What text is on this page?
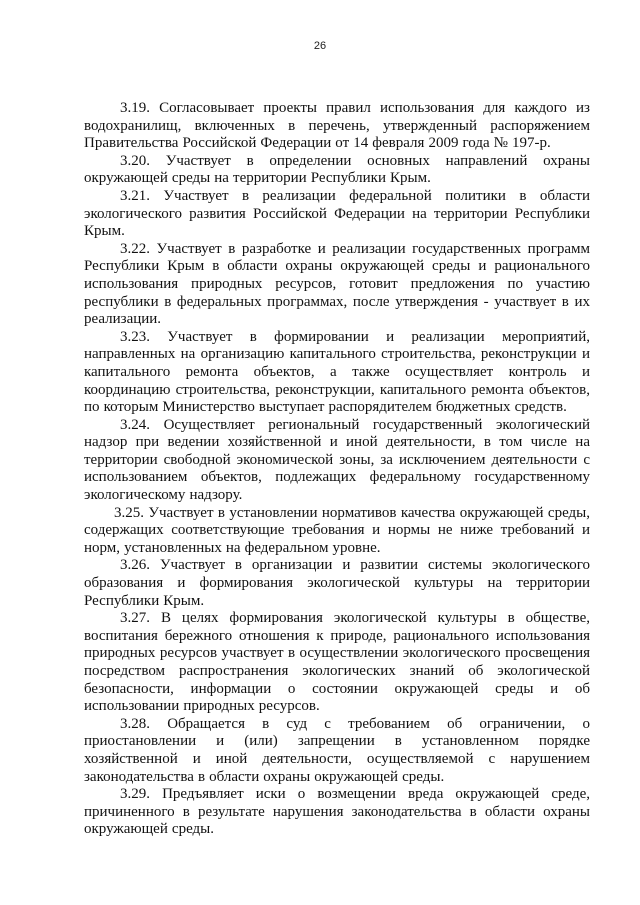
26

3.19. Согласовывает проекты правил использования для каждого из водохранилищ, включенных в перечень, утвержденный распоряжением Правительства Российской Федерации от 14 февраля 2009 года № 197-р.

3.20. Участвует в определении основных направлений охраны окружающей среды на территории Республики Крым.

3.21. Участвует в реализации федеральной политики в области экологического развития Российской Федерации на территории Республики Крым.

3.22. Участвует в разработке и реализации государственных программ Республики Крым в области охраны окружающей среды и рационального использования природных ресурсов, готовит предложения по участию республики в федеральных программах, после утверждения - участвует в их реализации.

3.23. Участвует в формировании и реализации мероприятий, направленных на организацию капитального строительства, реконструкции и капитального ремонта объектов, а также осуществляет контроль и координацию строительства, реконструкции, капитального ремонта объектов, по которым Министерство выступает распорядителем бюджетных средств.

3.24. Осуществляет региональный государственный экологический надзор при ведении хозяйственной и иной деятельности, в том числе на территории свободной экономической зоны, за исключением деятельности с использованием объектов, подлежащих федеральному государственному экологическому надзору.

3.25. Участвует в установлении нормативов качества окружающей среды, содержащих соответствующие требования и нормы не ниже требований и норм, установленных на федеральном уровне.

3.26. Участвует в организации и развитии системы экологического образования и формирования экологической культуры на территории Республики Крым.

3.27. В целях формирования экологической культуры в обществе, воспитания бережного отношения к природе, рационального использования природных ресурсов участвует в осуществлении экологического просвещения посредством распространения экологических знаний об экологической безопасности, информации о состоянии окружающей среды и об использовании природных ресурсов.

3.28. Обращается в суд с требованием об ограничении, о приостановлении и (или) запрещении в установленном порядке хозяйственной и иной деятельности, осуществляемой с нарушением законодательства в области охраны окружающей среды.

3.29. Предъявляет иски о возмещении вреда окружающей среде, причиненного в результате нарушения законодательства в области охраны окружающей среды.
